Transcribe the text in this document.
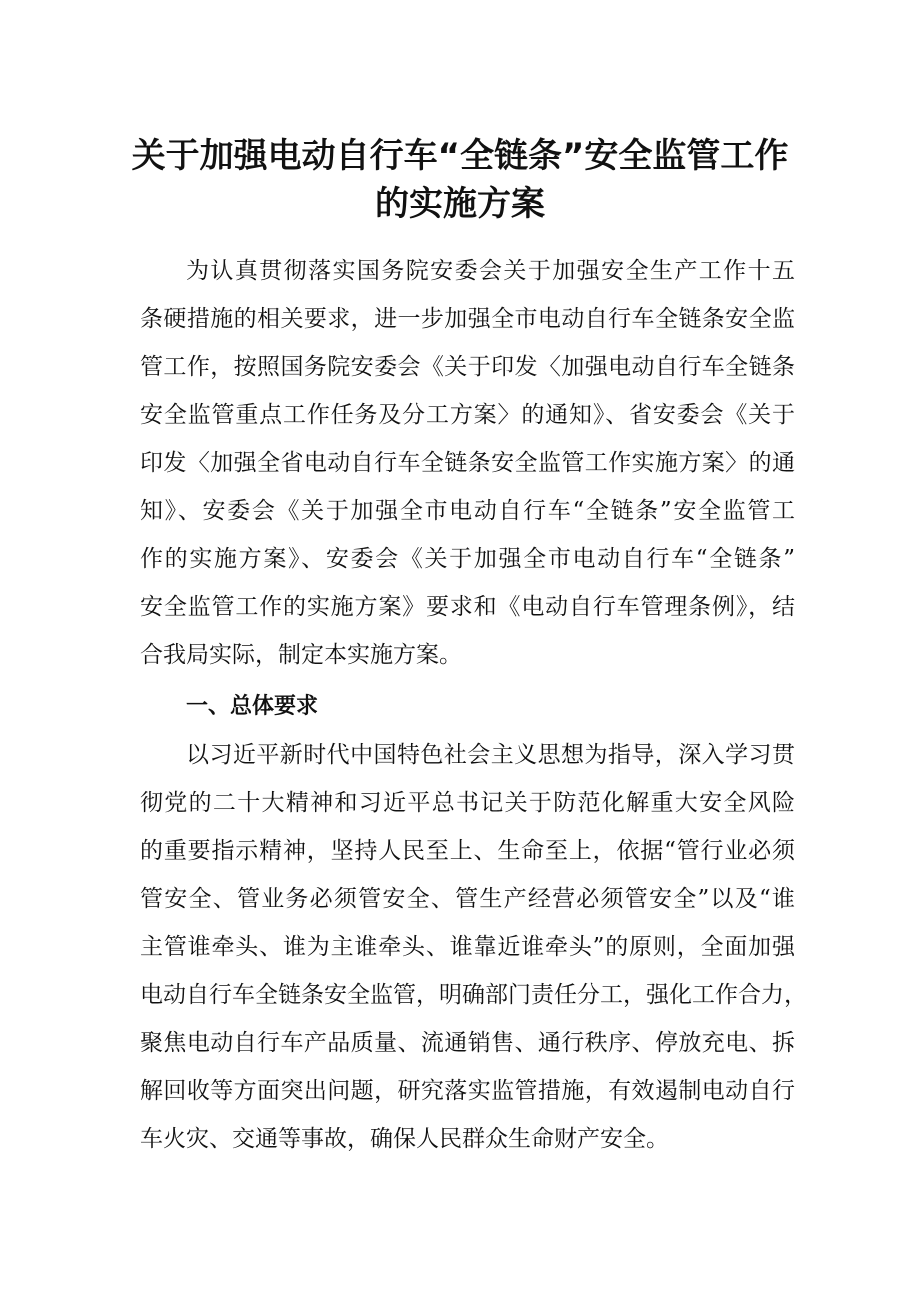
关于加强电动自行车“全链条”安全监管工作
的实施方案
为认真贯彻落实国务院安委会关于加强安全生产工作十五
条硬措施的相关要求，进一步加强全市电动自行车全链条安全监
管工作，按照国务院安委会《关于印发〈加强电动自行车全链条
安全监管重点工作任务及分工方案〉的通知》、省安委会《关于
印发〈加强全省电动自行车全链条安全监管工作实施方案〉的通
知》、安委会《关于加强全市电动自行车“全链条”安全监管工
作的实施方案》、安委会《关于加强全市电动自行车“全链条”
安全监管工作的实施方案》要求和《电动自行车管理条例》，结
合我局实际，制定本实施方案。
一、总体要求
以习近平新时代中国特色社会主义思想为指导，深入学习贯
彻党的二十大精神和习近平总书记关于防范化解重大安全风险
的重要指示精神，坚持人民至上、生命至上，依据“管行业必须
管安全、管业务必须管安全、管生产经营必须管安全”以及“谁
主管谁牵头、谁为主谁牵头、谁靠近谁牵头”的原则，全面加强
电动自行车全链条安全监管，明确部门责任分工，强化工作合力，
聚焦电动自行车产品质量、流通销售、通行秩序、停放充电、拆
解回收等方面突出问题，研究落实监管措施，有效遏制电动自行
车火灾、交通等事故，确保人民群众生命财产安全。
